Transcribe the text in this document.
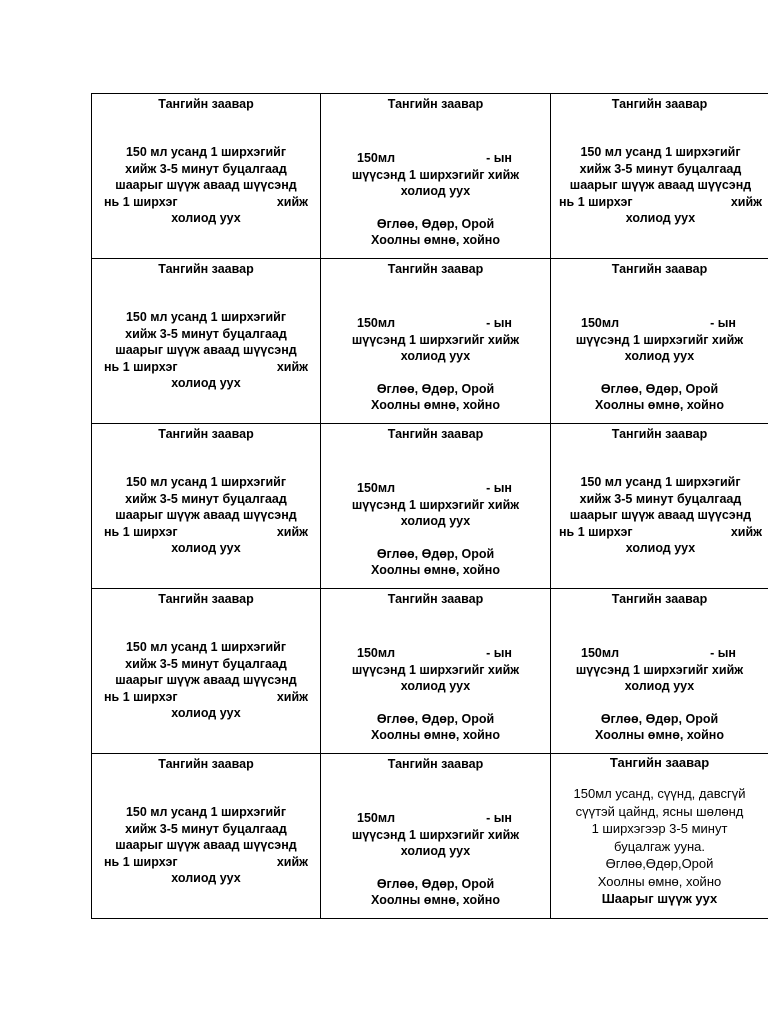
Тангийн заавар
150 мл усанд 1 ширхэгийг
хийж 3-5 минут буцалгаад
шаарыг шүүж аваад шүүсэнд
нь 1 ширхэг	хийж
холиод уух
Тангийн заавар
150мл	- ын
шүүсэнд 1 ширхэгийг хийж
холиод уух
Өглөө, Өдөр, Орой
Хоолны өмнө, хойно
Тангийн заавар
150 мл усанд 1 ширхэгийг
хийж 3-5 минут буцалгаад
шаарыг шүүж аваад шүүсэнд
нь 1 ширхэг	хийж
холиод уух
Тангийн заавар
150 мл усанд 1 ширхэгийг
хийж 3-5 минут буцалгаад
шаарыг шүүж аваад шүүсэнд
нь 1 ширхэг	хийж
холиод уух
Тангийн заавар
150мл	- ын
шүүсэнд 1 ширхэгийг хийж
холиод уух
Өглөө, Өдөр, Орой
Хоолны өмнө, хойно
Тангийн заавар
150мл	- ын
шүүсэнд 1 ширхэгийг хийж
холиод уух
Өглөө, Өдөр, Орой
Хоолны өмнө, хойно
Тангийн заавар
150 мл усанд 1 ширхэгийг
хийж 3-5 минут буцалгаад
шаарыг шүүж аваад шүүсэнд
нь 1 ширхэг	хийж
холиод уух
Тангийн заавар
150мл	- ын
шүүсэнд 1 ширхэгийг хийж
холиод уух
Өглөө, Өдөр, Орой
Хоолны өмнө, хойно
Тангийн заавар
150 мл усанд 1 ширхэгийг
хийж 3-5 минут буцалгаад
шаарыг шүүж аваад шүүсэнд
нь 1 ширхэг	хийж
холиод уух
Тангийн заавар
150 мл усанд 1 ширхэгийг
хийж 3-5 минут буцалгаад
шаарыг шүүж аваад шүүсэнд
нь 1 ширхэг	хийж
холиод уух
Тангийн заавар
150мл	- ын
шүүсэнд 1 ширхэгийг хийж
холиод уух
Өглөө, Өдөр, Орой
Хоолны өмнө, хойно
Тангийн заавар
150мл	- ын
шүүсэнд 1 ширхэгийг хийж
холиод уух
Өглөө, Өдөр, Орой
Хоолны өмнө, хойно
Тангийн заавар
150 мл усанд 1 ширхэгийг
хийж 3-5 минут буцалгаад
шаарыг шүүж аваад шүүсэнд
нь 1 ширхэг	хийж
холиод уух
Тангийн заавар
150мл	- ын
шүүсэнд 1 ширхэгийг хийж
холиод уух
Өглөө, Өдөр, Орой
Хоолны өмнө, хойно
Тангийн заавар
150мл усанд, сүүнд, давсгүй
сүүтэй цайнд, ясны шөлөнд
1 ширхэгээр 3-5 минут
буцалгаж ууна.
Өглөө,Өдөр,Орой
Хоолны өмнө, хойно
Шаарыг шүүж уух
